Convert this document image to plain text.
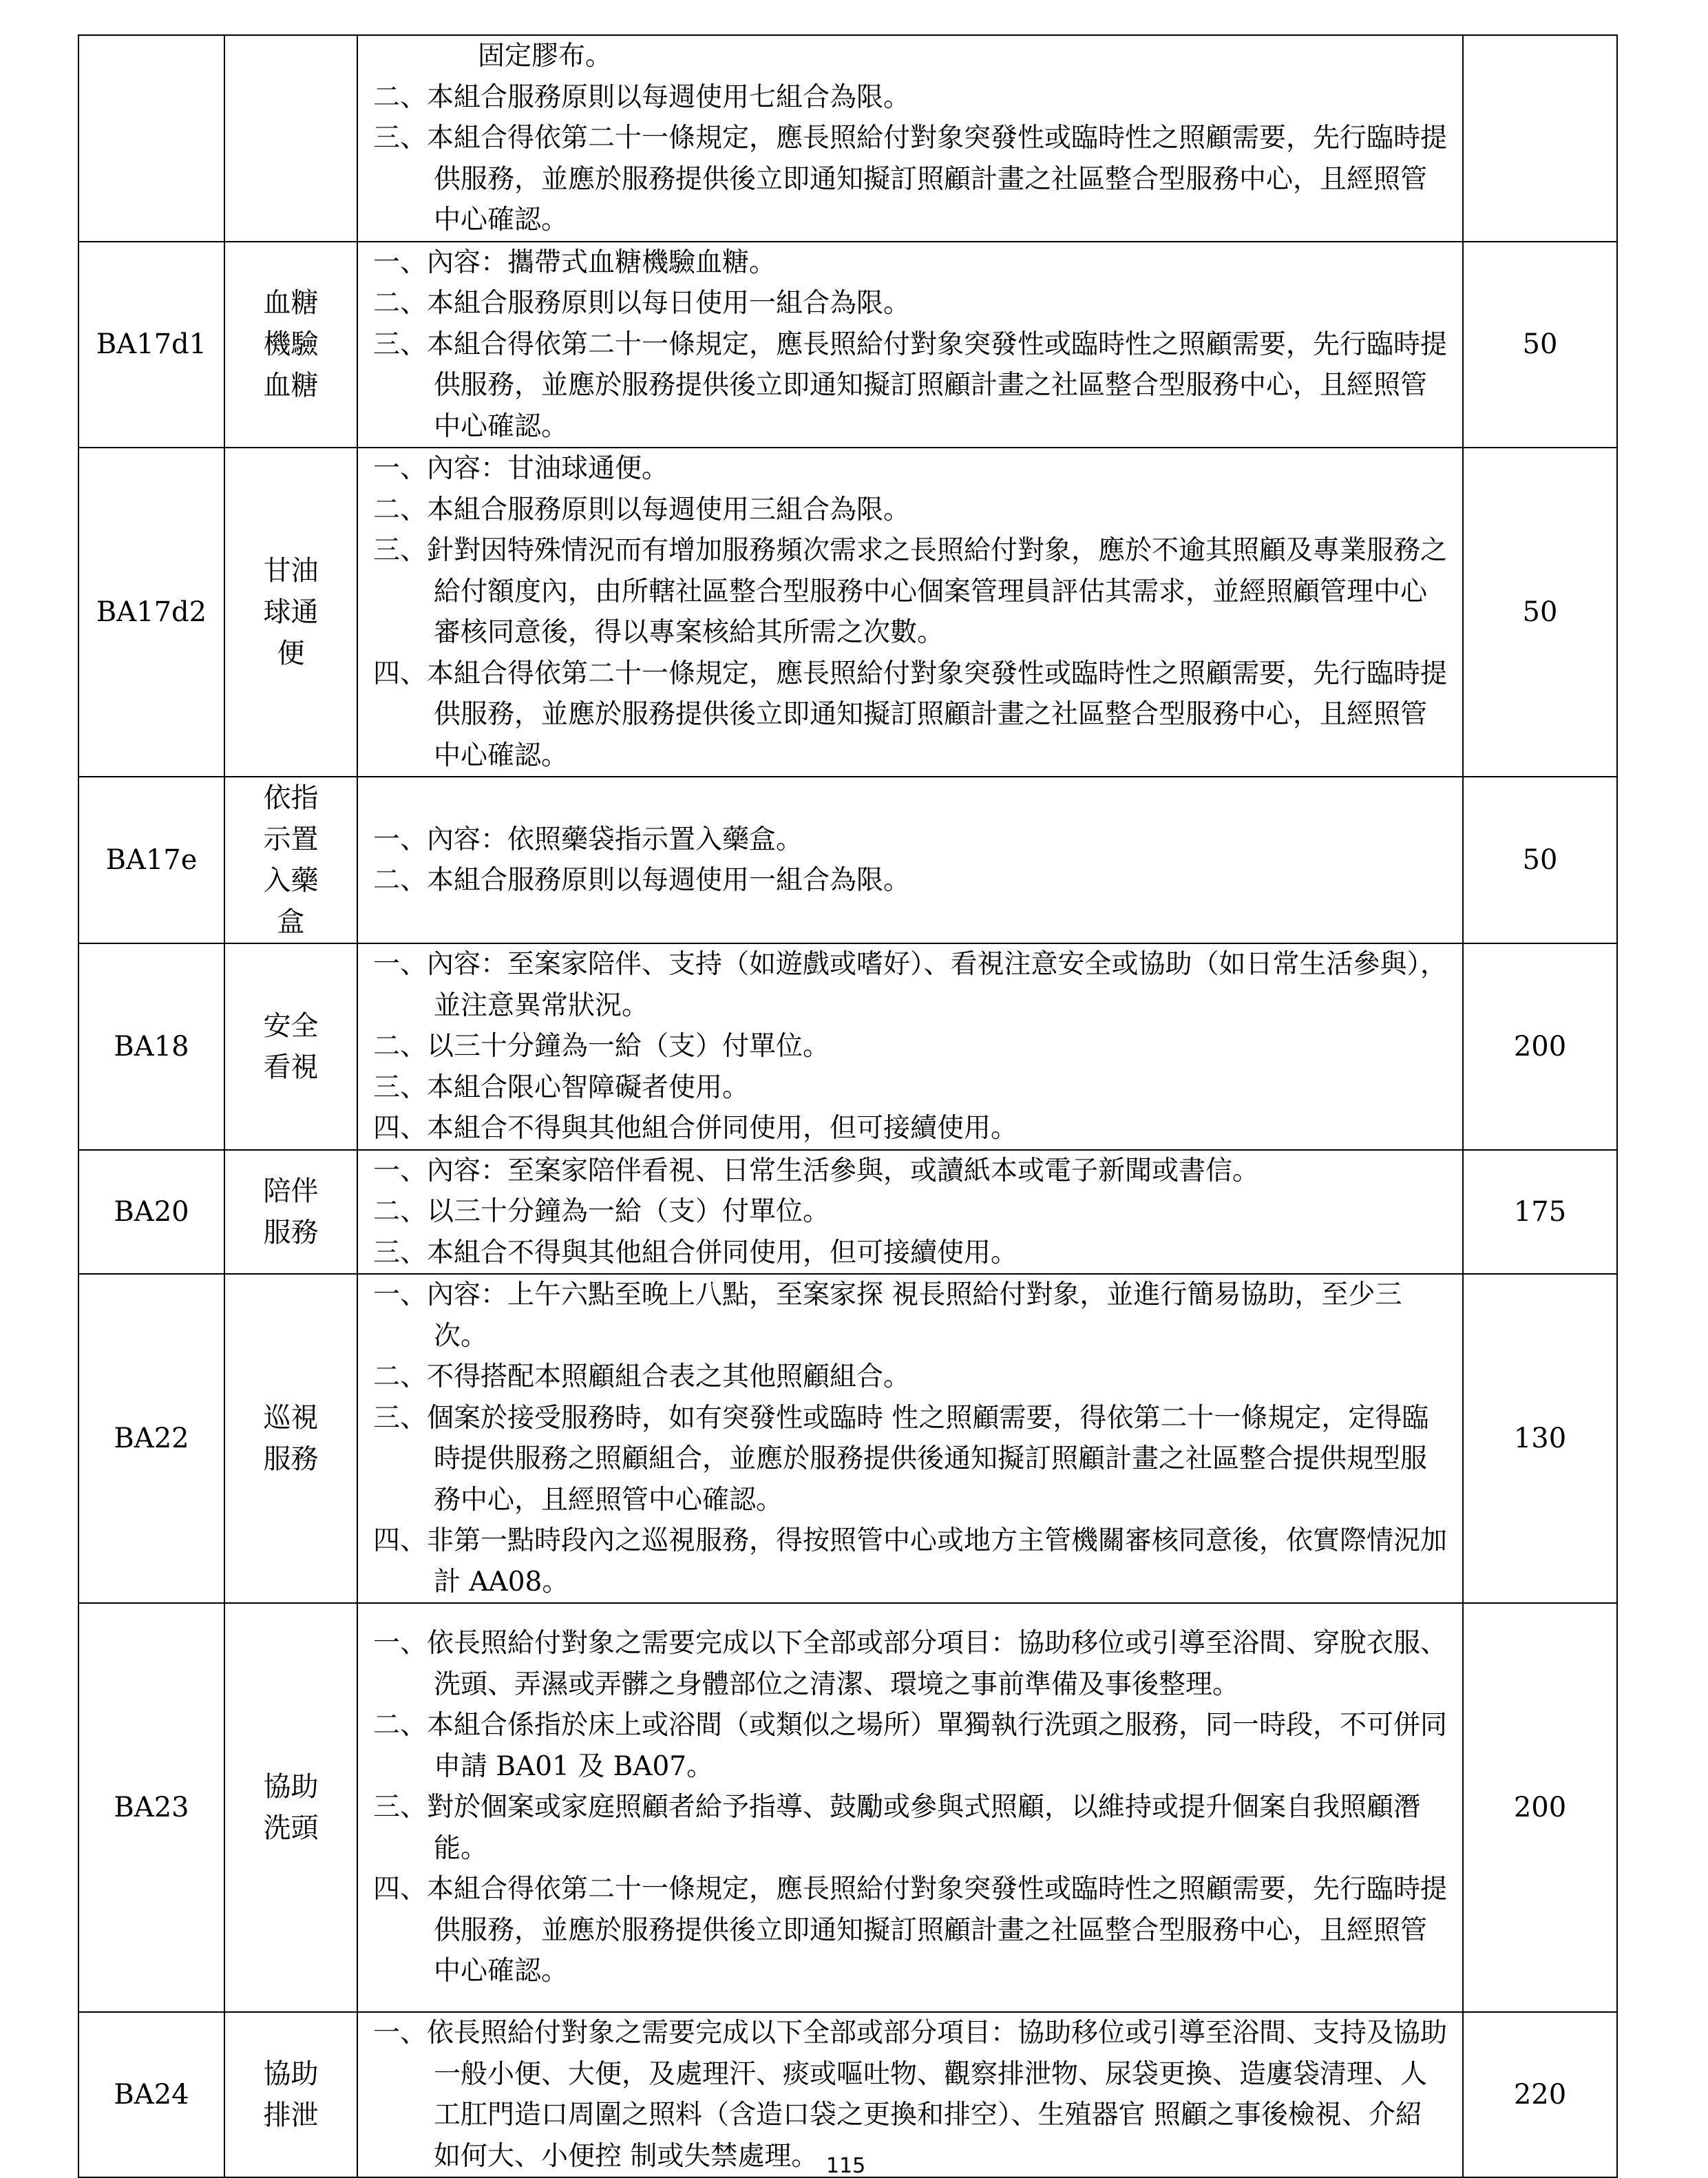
		固定膠布。
二、本組合服務原則以每週使用七組合為限。
三、本組合得依第二十一條規定，應長照給付對象突發性或臨時性之照顧需要，先行臨時提供服務，並應於服務提供後立即通知擬訂照顧計畫之社區整合型服務中心，且經照管中心確認。	

BA17d1	血糖機驗血糖	一、內容：攜帶式血糖機驗血糖。
二、本組合服務原則以每日使用一組合為限。
三、本組合得依第二十一條規定，應長照給付對象突發性或臨時性之照顧需要，先行臨時提供服務，並應於服務提供後立即通知擬訂照顧計畫之社區整合型服務中心，且經照管中心確認。	50
BA17d2	甘油球通便	一、內容：甘油球通便。
二、本組合服務原則以每週使用三組合為限。
三、針對因特殊情況而有增加服務頻次需求之長照給付對象，應於不逾其照顧及專業服務之給付額度內，由所轄社區整合型服務中心個案管理員評估其需求，並經照顧管理中心審核同意後，得以專案核給其所需之次數。
四、本組合得依第二十一條規定，應長照給付對象突發性或臨時性之照顧需要，先行臨時提供服務，並應於服務提供後立即通知擬訂照顧計畫之社區整合型服務中心，且經照管中心確認。	50
BA17e	依指示置入藥盒	一、內容：依照藥袋指示置入藥盒。
二、本組合服務原則以每週使用一組合為限。	50
BA18	安全看視	一、內容：至案家陪伴、支持（如遊戲或嗜好）、看視注意安全或協助（如日常生活參與），並注意異常狀況。
二、以三十分鐘為一給（支）付單位。
三、本組合限心智障礙者使用。
四、本組合不得與其他組合併同使用，但可接續使用。	200
BA20	陪伴服務	一、內容：至案家陪伴看視、日常生活參與，或讀紙本或電子新聞或書信。
二、以三十分鐘為一給（支）付單位。
三、本組合不得與其他組合併同使用，但可接續使用。	175
BA22	巡視服務	一、內容：上午六點至晚上八點，至案家探 視長照給付對象，並進行簡易協助，至少三次。
二、不得搭配本照顧組合表之其他照顧組合。
三、個案於接受服務時，如有突發性或臨時 性之照顧需要，得依第二十一條規定，定得臨時提供服務之照顧組合，並應於服務提供後通知擬訂照顧計畫之社區整合提供規型服務中心，且經照管中心確認。
四、非第一點時段內之巡視服務，得按照管中心或地方主管機關審核同意後，依實際情況加計 AA08。	130
BA23	協助洗頭	一、依長照給付對象之需要完成以下全部或部分項目：協助移位或引導至浴間、穿脫衣服、洗頭、弄濕或弄髒之身體部位之清潔、環境之事前準備及事後整理。
二、本組合係指於床上或浴間（或類似之場所）單獨執行洗頭之服務，同一時段，不可併同申請 BA01 及 BA07。
三、對於個案或家庭照顧者給予指導、鼓勵或參與式照顧，以維持或提升個案自我照顧潛能。
四、本組合得依第二十一條規定，應長照給付對象突發性或臨時性之照顧需要，先行臨時提供服務，並應於服務提供後立即通知擬訂照顧計畫之社區整合型服務中心，且經照管中心確認。	200
BA24	協助排泄	一、依長照給付對象之需要完成以下全部或部分項目：協助移位或引導至浴間、支持及協助一般小便、大便，及處理汗、痰或嘔吐物、觀察排泄物、尿袋更換、造廔袋清理、人工肛門造口周圍之照料（含造口袋之更換和排空）、生殖器官 照顧之事後檢視、介紹如何大、小便控 制或失禁處理。	220
115
